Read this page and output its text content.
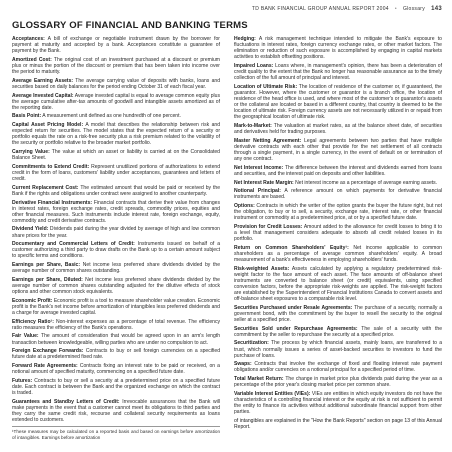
TD BANK FINANCIAL GROUP ANNUAL REPORT 2004 • Glossary 143
GLOSSARY OF FINANCIAL AND BANKING TERMS

Acceptances: A bill of exchange or negotiable instrument drawn by the borrower for payment at maturity and accepted by a bank. Acceptances constitute a guarantee of payment by the Bank.

Amortized Cost: The original cost of an investment purchased at a discount or premium plus or minus the portion of the discount or premium that has been taken into income over the period to maturity.

Average Earning Assets: The average carrying value of deposits with banks, loans and securities based on daily balances for the period ending October 31 of each fiscal year.

Average Invested Capital: Average invested capital is equal to average common equity plus the average cumulative after-tax amounts of goodwill and intangible assets amortized as of the reporting date.

Basis Point: A measurement unit defined as one hundredth of one percent.

Capital Asset Pricing Model: A model that describes the relationship between risk and expected return for securities. The model states that the expected return of a security or portfolio equals the rate on a risk-free security plus a risk premium related to the volatility of the security or portfolio relative to the broader market portfolio.

Carrying Value: The value at which an asset or liability is carried at on the Consolidated Balance Sheet.

Commitments to Extend Credit: Represent unutilized portions of authorizations to extend credit in the form of loans, customers' liability under acceptances, guarantees and letters of credit.

Current Replacement Cost: The estimated amount that would be paid or received by the Bank if the rights and obligations under contract were assigned to another counterparty.

Derivative Financial Instruments: Financial contracts that derive their value from changes in interest rates, foreign exchange rates, credit spreads, commodity prices, equities and other financial measures. Such instruments include interest rate, foreign exchange, equity, commodity and credit derivative contracts.

Dividend Yield: Dividends paid during the year divided by average of high and low common share prices for the year.

Documentary and Commercial Letters of Credit: Instruments issued on behalf of a customer authorizing a third party to draw drafts on the Bank up to a certain amount subject to specific terms and conditions.

Earnings per Share, Basic: Net income less preferred share dividends divided by the average number of common shares outstanding.

Earnings per Share, Diluted: Net income less preferred share dividends divided by the average number of common shares outstanding adjusted for the dilutive effects of stock options and other common stock equivalents.

Economic Profit: Economic profit is a tool to measure shareholder value creation. Economic profit is the Bank's net income before amortization of intangibles less preferred dividends and a charge for average invested capital.

Efficiency Ratio¹: Non-interest expenses as a percentage of total revenue. The efficiency ratio measures the efficiency of the Bank's operations.

Fair Value: The amount of consideration that would be agreed upon in an arm's length transaction between knowledgeable, willing parties who are under no compulsion to act.

Foreign Exchange Forwards: Contracts to buy or sell foreign currencies on a specified future date at a predetermined fixed rate.

Forward Rate Agreements: Contracts fixing an interest rate to be paid or received, on a notional amount of specified maturity, commencing on a specified future date.

Futures: Contracts to buy or sell a security at a predetermined price on a specified future date. Each contract is between the Bank and the organized exchange on which the contract is traded.

Guarantees and Standby Letters of Credit: Irrevocable assurances that the Bank will make payments in the event that a customer cannot meet its obligations to third parties and they carry the same credit risk, recourse and collateral security requirements as loans extended to customers.

¹These measures may be calculated on a reported basis and based on earnings before amortization of intangibles. Earnings before amortization

Hedging: A risk management technique intended to mitigate the Bank's exposure to fluctuations in interest rates, foreign currency exchange rates, or other market factors. The elimination or reduction of such exposure is accomplished by engaging in capital markets activities to establish offsetting positions.

Impaired Loans: Loans where, in management's opinion, there has been a deterioration of credit quality to the extent that the Bank no longer has reasonable assurance as to the timely collection of the full amount of principal and interest.

Location of Ultimate Risk: The location of residence of the customer or, if guaranteed, the guarantor. However, where the customer or guarantor is a branch office, the location of residence of the head office is used, and where most of the customer's or guarantor's assets or the collateral are located or based in a different country, that country is deemed to be the location of ultimate risk. Foreign currency assets are not necessarily utilized in or repaid from the geographical location of ultimate risk.

Mark-to-Market: The valuation at market rates, as at the balance sheet date, of securities and derivatives held for trading purposes.

Master Netting Agreement: Legal agreements between two parties that have multiple derivative contracts with each other that provide for the net settlement of all contracts through a single payment, in a single currency, in the event of default on or termination of any one contract.

Net Interest Income: The difference between the interest and dividends earned from loans and securities, and the interest paid on deposits and other liabilities.

Net Interest Rate Margin: Net interest income as a percentage of average earning assets.

Notional Principal: A reference amount on which payments for derivative financial instruments are based.

Options: Contracts in which the writer of the option grants the buyer the future right, but not the obligation, to buy or to sell, a security, exchange rate, interest rate, or other financial instrument or commodity at a predetermined price, at or by a specified future date.

Provision for Credit Losses: Amount added to the allowance for credit losses to bring it to a level that management considers adequate to absorb all credit related losses in its portfolio.

Return on Common Shareholders' Equity¹: Net income applicable to common shareholders as a percentage of average common shareholders' equity. A broad measurement of a bank's effectiveness in employing shareholders' funds.

Risk-weighted Assets: Assets calculated by applying a regulatory predetermined risk-weight factor to the face amount of each asset. The face amounts of off-balance sheet instruments are converted to balance sheet (or credit) equivalents, using specified conversion factors, before the appropriate risk-weights are applied. The risk-weight factors are established by the Superintendent of Financial Institutions Canada to convert assets and off-balance sheet exposures to a comparable risk level.

Securities Purchased under Resale Agreements: The purchase of a security, normally a government bond, with the commitment by the buyer to resell the security to the original seller at a specified price.

Securities Sold under Repurchase Agreements: The sale of a security with the commitment by the seller to repurchase the security at a specified price.

Securitization: The process by which financial assets, mainly loans, are transferred to a trust, which normally issues a series of asset-backed securities to investors to fund the purchase of loans.

Swaps: Contracts that involve the exchange of fixed and floating interest rate payment obligations and/or currencies on a notional principal for a specified period of time.

Total Market Return: The change in market price plus dividends paid during the year as a percentage of the prior year's closing market price per common share.

Variable Interest Entities (VIEs): VIEs are entities in which equity investors do not have the characteristics of a controlling financial interest or the equity at risk is not sufficient to permit the entity to finance its activities without additional subordinate financial support from other parties.

of intangibles are explained in the "How the Bank Reports" section on page 13 of this Annual Report.
